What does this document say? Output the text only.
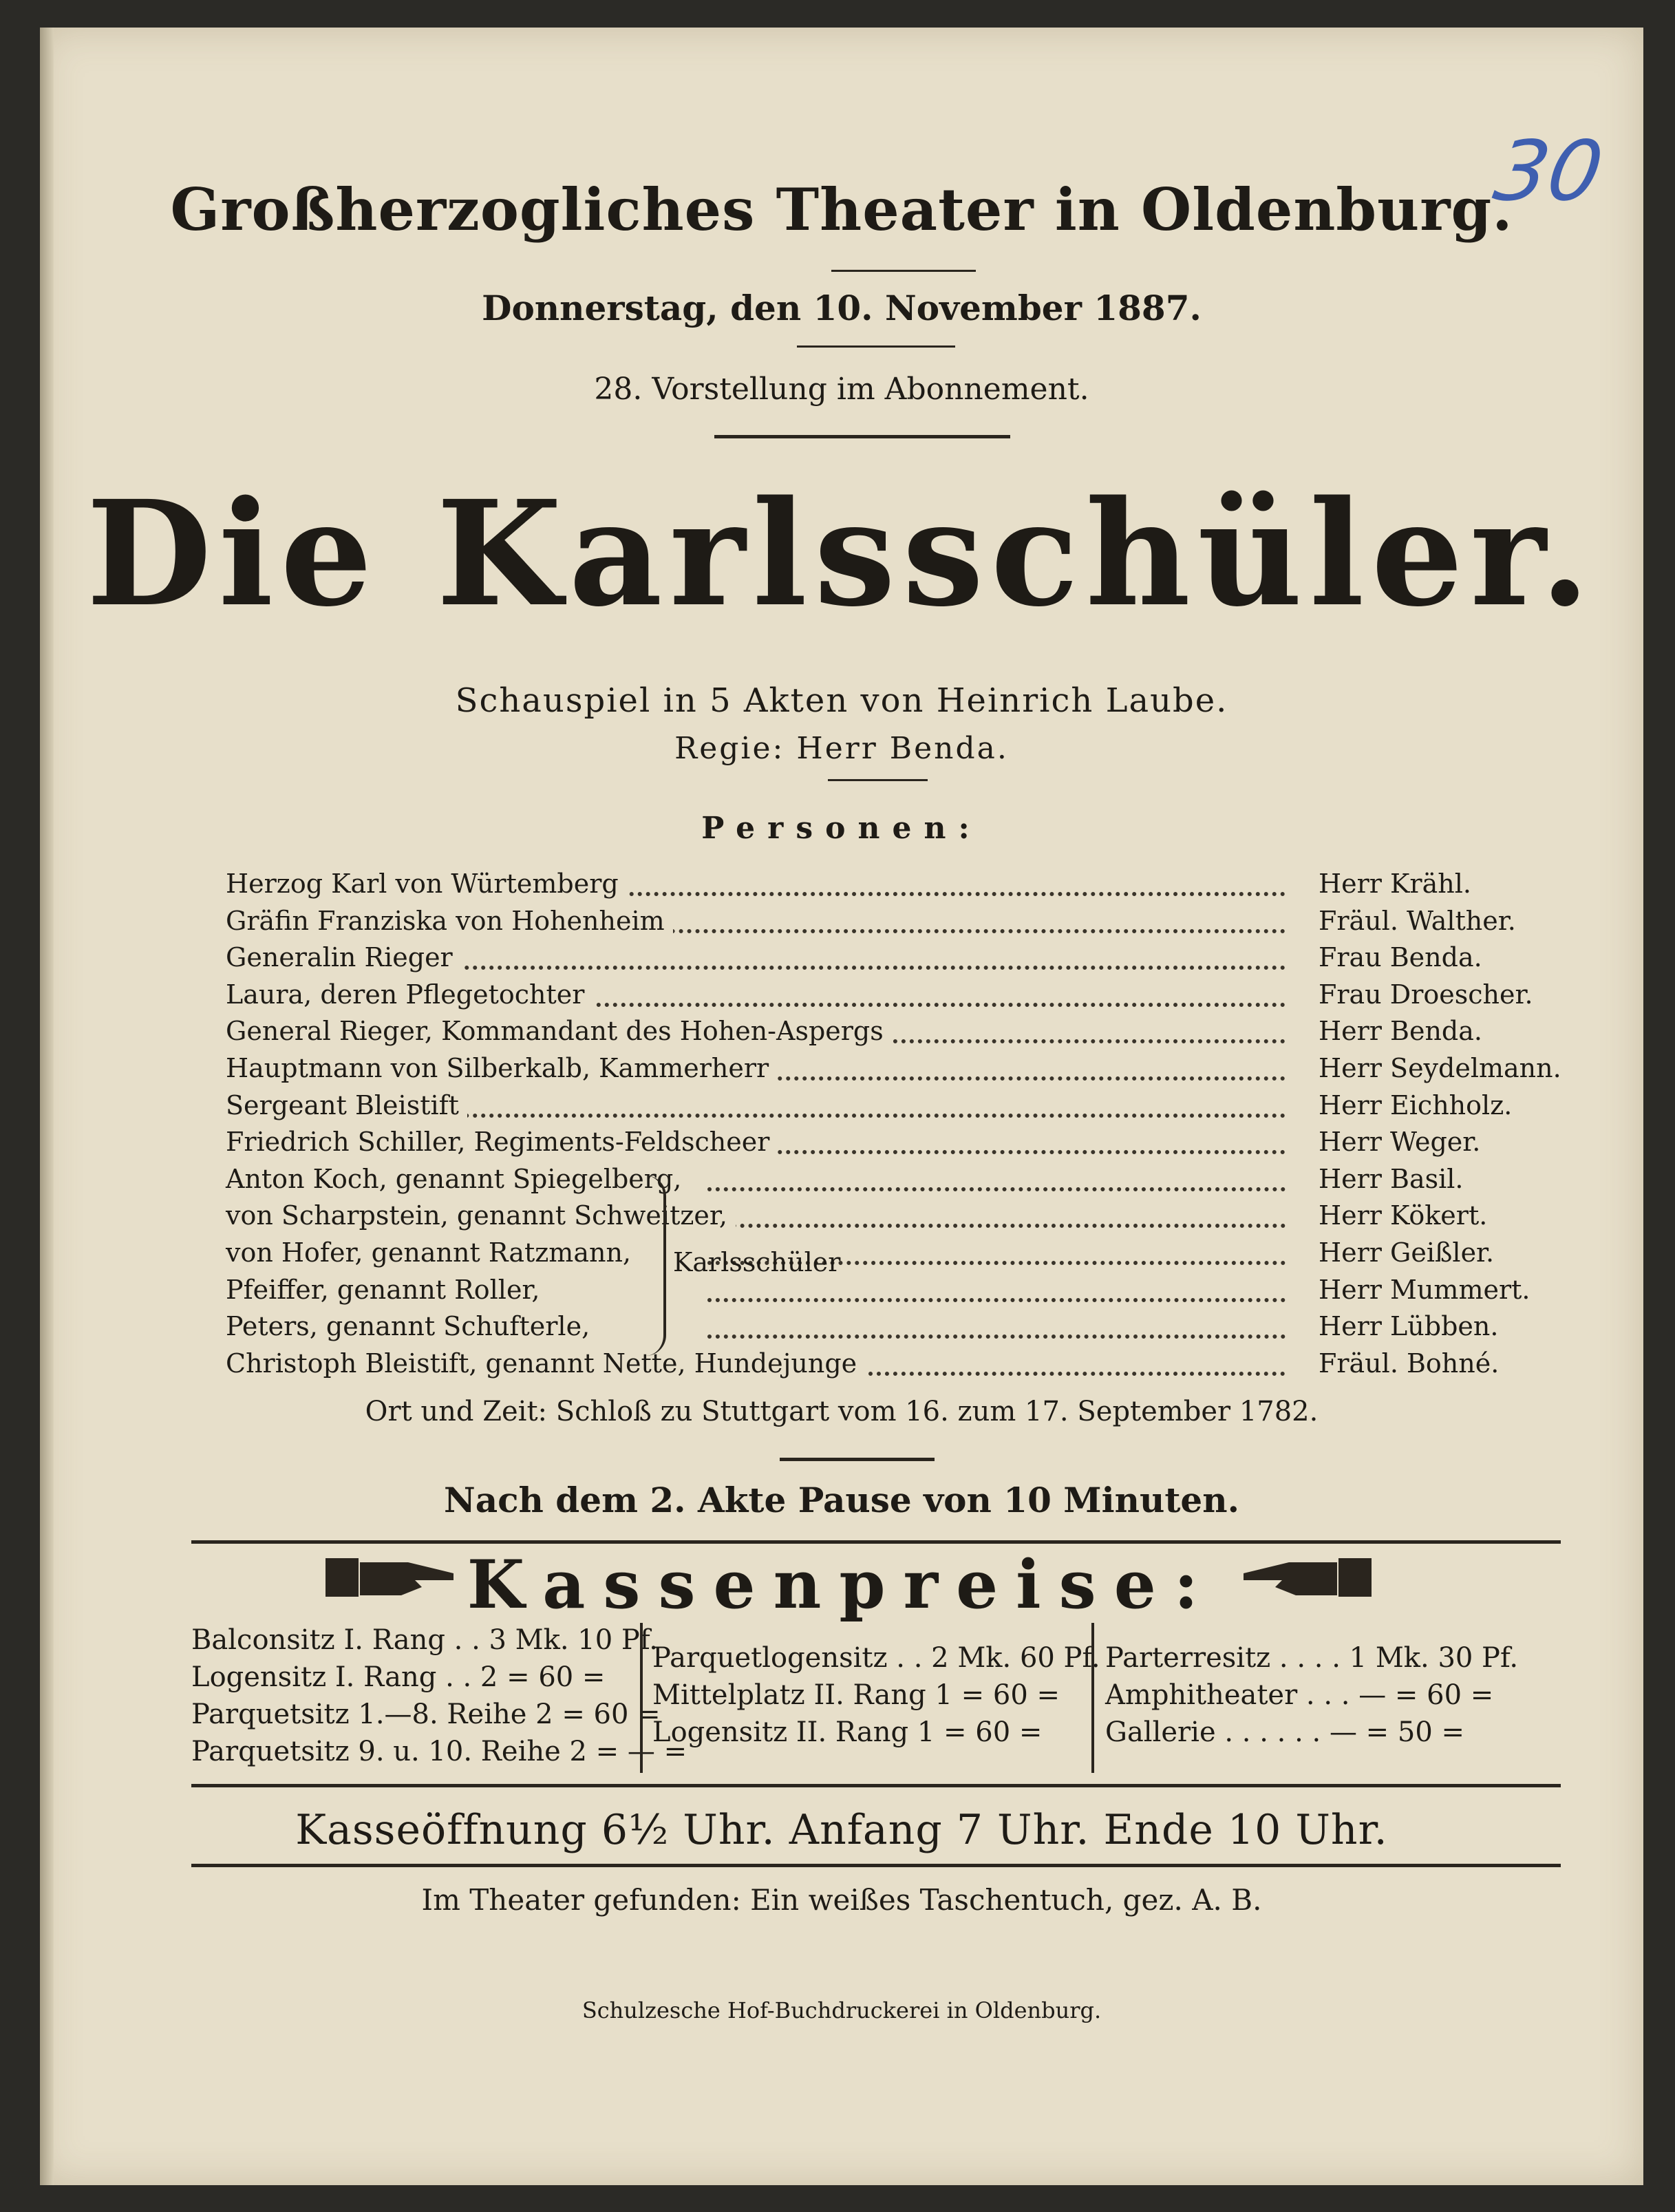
30
Großherzogliches Theater in Oldenburg.
Donnerstag, den 10. November 1887.
28. Vorstellung im Abonnement.
Die Karlsschüler.
Schauspiel in 5 Akten von Heinrich Laube.
Regie: Herr Benda.
Personen:
Herzog Karl von Würtemberg	Herr Krähl.
Gräfin Franziska von Hohenheim	Fräul. Walther.
Generalin Rieger	Frau Benda.
Laura, deren Pflegetochter	Frau Droescher.
General Rieger, Kommandant des Hohen-Aspergs	Herr Benda.
Hauptmann von Silberkalb, Kammerherr	Herr Seydelmann.
Sergeant Bleistift	Herr Eichholz.
Friedrich Schiller, Regiments-Feldscheer	Herr Weger.
Anton Koch, genannt Spiegelberg,	Herr Basil.
von Scharpstein, genannt Schweitzer,	Herr Kökert.
von Hofer, genannt Ratzmann,	Herr Geißler.
Pfeiffer, genannt Roller,	Herr Mummert.
Peters, genannt Schufterle,	Herr Lübben.
Christoph Bleistift, genannt Nette, Hundejunge	Fräul. Bohné.
Karlsschüler
Ort und Zeit: Schloß zu Stuttgart vom 16. zum 17. September 1782.
Nach dem 2. Akte Pause von 10 Minuten.
Kassenpreise:
Balconsitz I. Rang . . 3 Mk. 10 Pf.
Logensitz I. Rang . . 2 = 60 =
Parquetsitz 1.—8. Reihe 2 = 60 =
Parquetsitz 9. u. 10. Reihe 2 = — =
Parquetlogensitz . . 2 Mk. 60 Pf.
Mittelplatz II. Rang 1 = 60 =
Logensitz II. Rang 1 = 60 =
Parterresitz . . . . 1 Mk. 30 Pf.
Amphitheater . . . — = 60 =
Gallerie . . . . . . — = 50 =
Kasseöffnung 6½ Uhr. Anfang 7 Uhr. Ende 10 Uhr.
Im Theater gefunden: Ein weißes Taschentuch, gez. A. B.
Schulzesche Hof-Buchdruckerei in Oldenburg.
